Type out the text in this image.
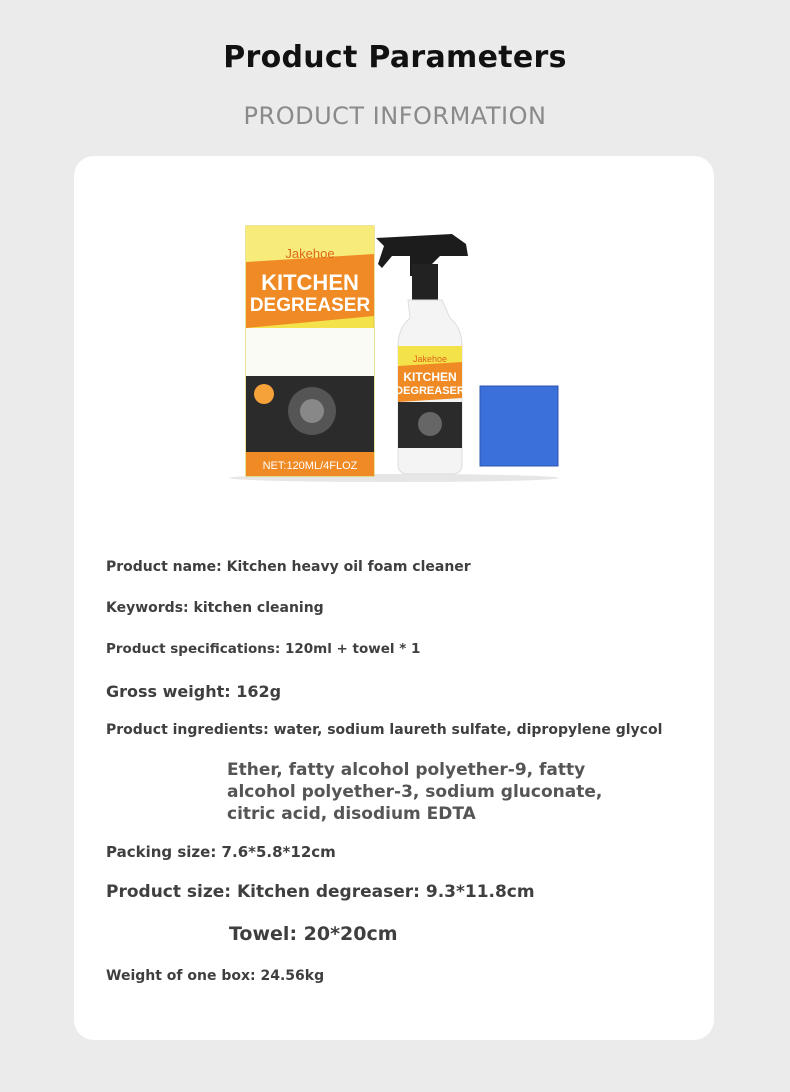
Product Parameters
PRODUCT INFORMATION
Jakehoe
KITCHEN
DEGREASER
NET:120ML/4FLOZ
Jakehoe
KITCHEN
DEGREASER
Product name: Kitchen heavy oil foam cleaner
Keywords: kitchen cleaning
Product specifications: 120ml + towel * 1
Gross weight: 162g
Product ingredients: water, sodium laureth sulfate, dipropylene glycol
Ether, fatty alcohol polyether-9, fatty alcohol polyether-3, sodium gluconate, citric acid, disodium EDTA
Packing size: 7.6*5.8*12cm
Product size: Kitchen degreaser: 9.3*11.8cm
Towel: 20*20cm
Weight of one box: 24.56kg
